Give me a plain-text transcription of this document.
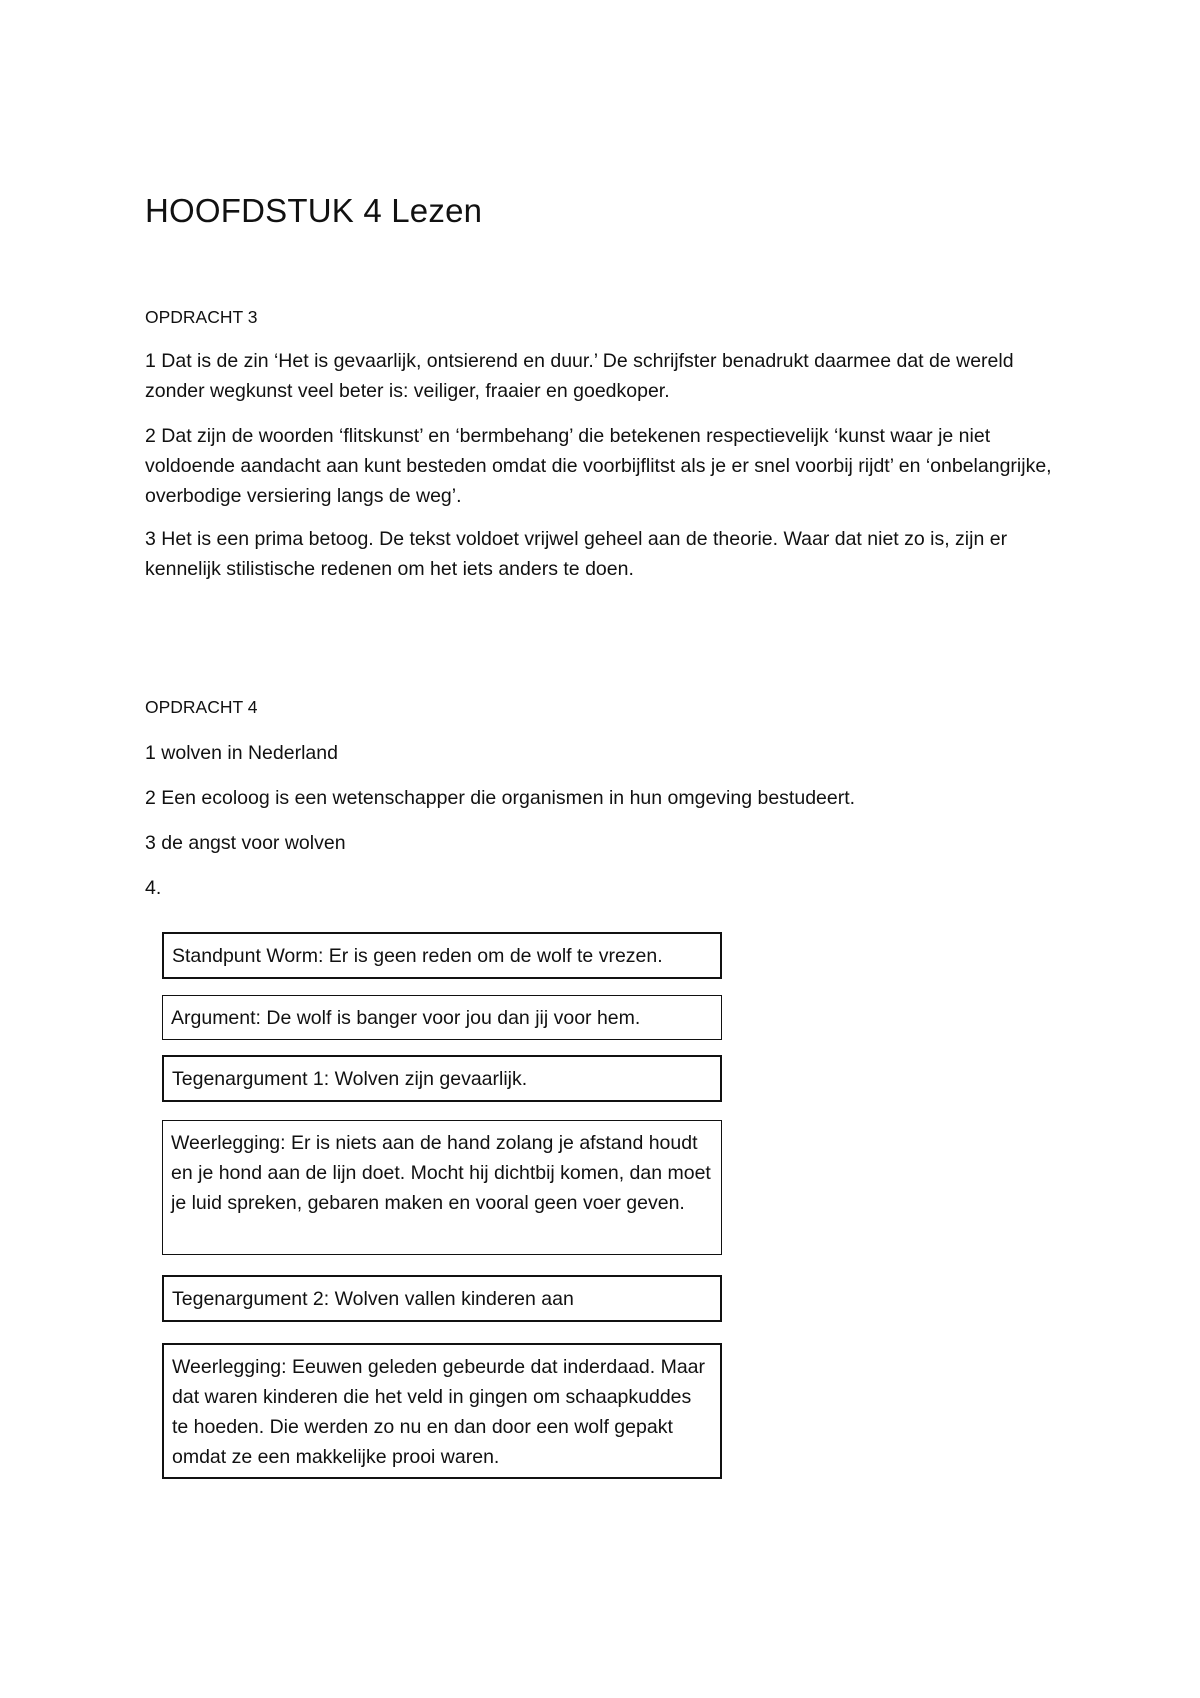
HOOFDSTUK 4 Lezen

OPDRACHT 3

1 Dat is de zin ‘Het is gevaarlijk, ontsierend en duur.’ De schrijfster benadrukt daarmee dat de wereld zonder wegkunst veel beter is: veiliger, fraaier en goedkoper.

2 Dat zijn de woorden ‘flitskunst’ en ‘bermbehang’ die betekenen respectievelijk ‘kunst waar je niet voldoende aandacht aan kunt besteden omdat die voorbijflitst als je er snel voorbij rijdt’ en ‘onbelangrijke, overbodige versiering langs de weg’.

3 Het is een prima betoog. De tekst voldoet vrijwel geheel aan de theorie. Waar dat niet zo is, zijn er kennelijk stilistische redenen om het iets anders te doen.

OPDRACHT 4

1 wolven in Nederland

2 Een ecoloog is een wetenschapper die organismen in hun omgeving bestudeert.

3 de angst voor wolven

4.

Standpunt Worm: Er is geen reden om de wolf te vrezen.
Argument: De wolf is banger voor jou dan jij voor hem.
Tegenargument 1: Wolven zijn gevaarlijk.
Weerlegging: Er is niets aan de hand zolang je afstand houdt en je hond aan de lijn doet. Mocht hij dichtbij komen, dan moet je luid spreken, gebaren maken en vooral geen voer geven.
Tegenargument 2: Wolven vallen kinderen aan
Weerlegging: Eeuwen geleden gebeurde dat inderdaad. Maar dat waren kinderen die het veld in gingen om schaapkuddes te hoeden. Die werden zo nu en dan door een wolf gepakt omdat ze een makkelijke prooi waren.
